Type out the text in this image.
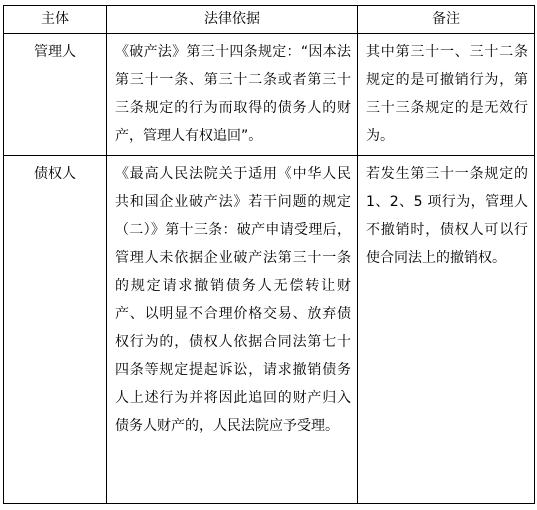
主体	法律依据	备注

管理人	《破产法》第三十四条规定：“因本法第三十一条、第三十二条或者第三十三条规定的行为而取得的债务人的财产，管理人有权追回”。	其中第三十一、三十二条规定的是可撤销行为，第三十三条规定的是无效行为。

债权人	《最高人民法院关于适用《中华人民共和国企业破产法》若干问题的规定（二）》第十三条：破产申请受理后，管理人未依据企业破产法第三十一条的规定请求撤销债务人无偿转让财产、以明显不合理价格交易、放弃债权行为的，债权人依据合同法第七十四条等规定提起诉讼，请求撤销债务人上述行为并将因此追回的财产归入债务人财产的，人民法院应予受理。	若发生第三十一条规定的 1、2、5 项行为，管理人不撤销时，债权人可以行使合同法上的撤销权。
